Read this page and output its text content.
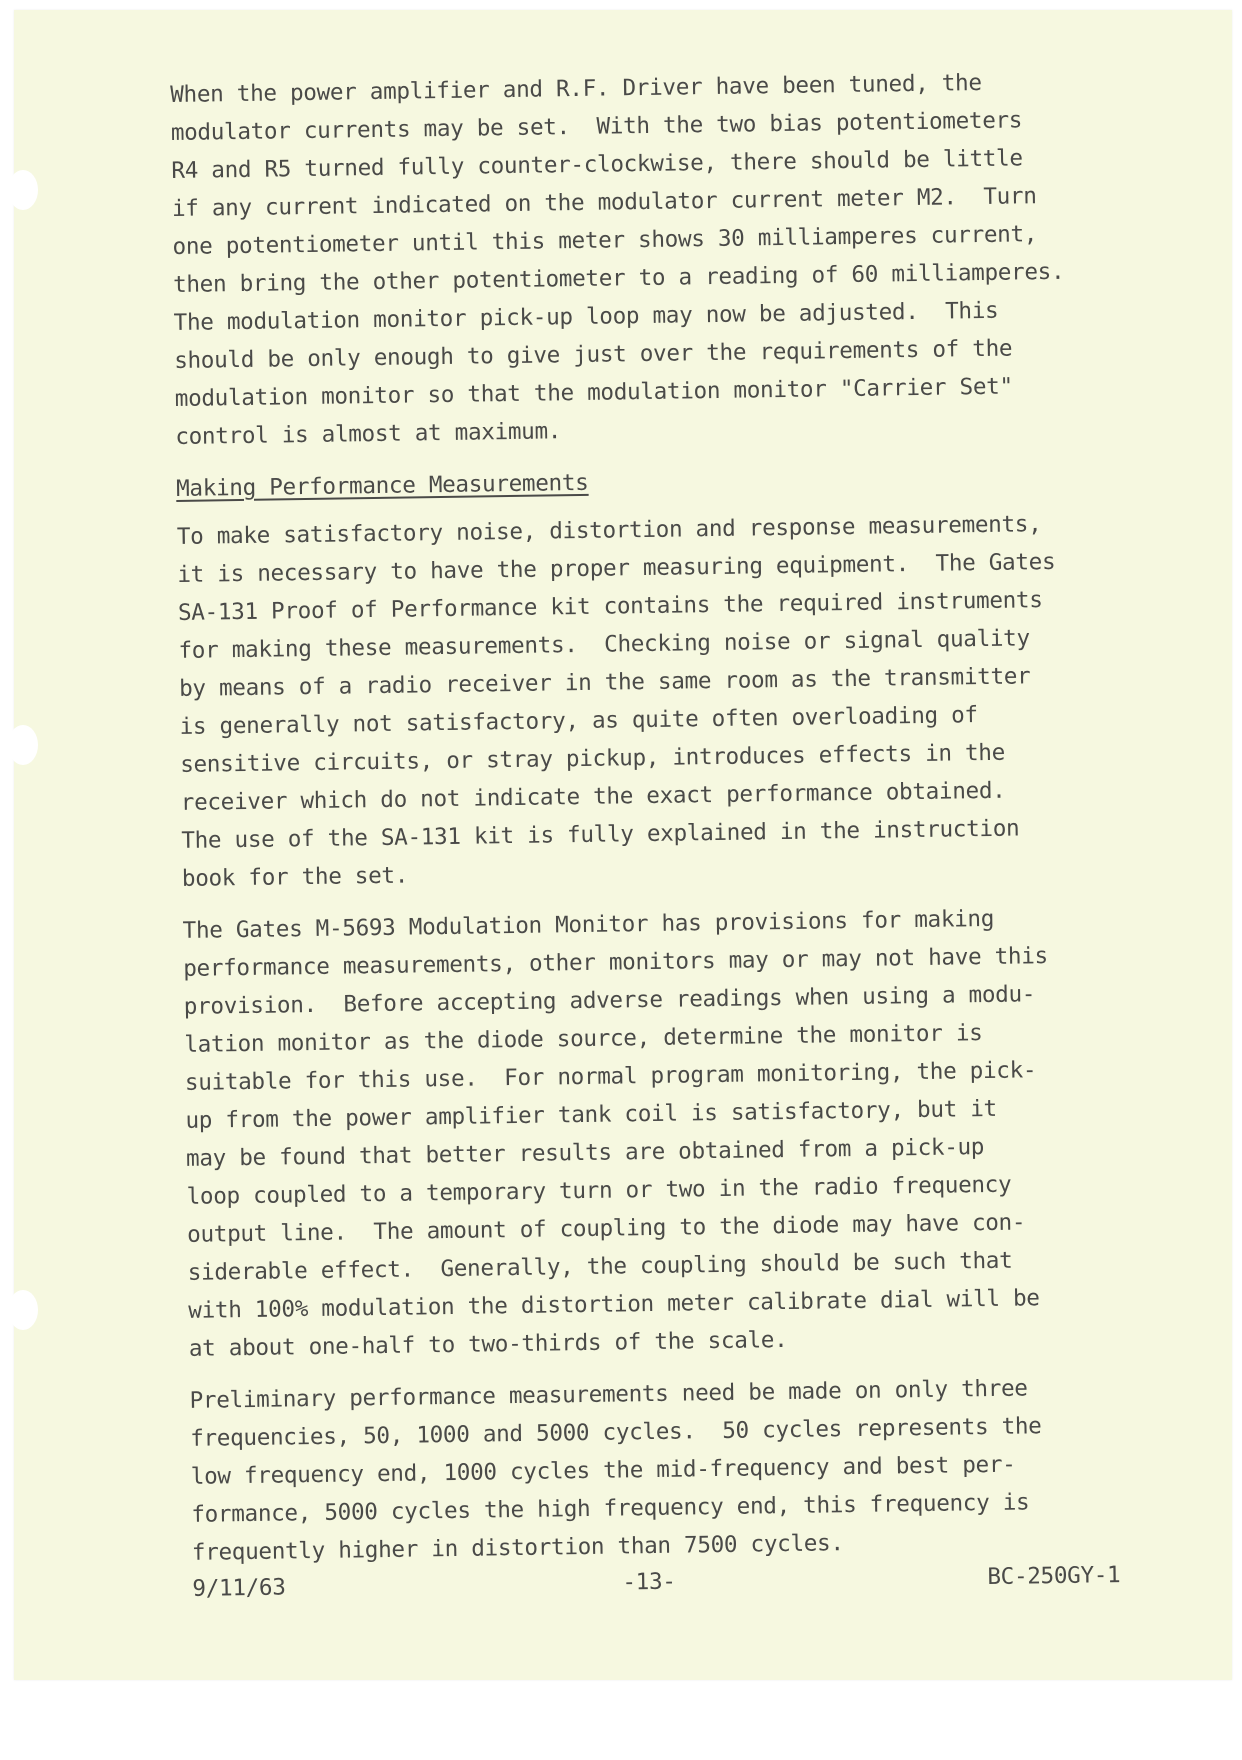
When the power amplifier and R.F. Driver have been tuned, the
modulator currents may be set.  With the two bias potentiometers
R4 and R5 turned fully counter-clockwise, there should be little
if any current indicated on the modulator current meter M2.  Turn
one potentiometer until this meter shows 30 milliamperes current,
then bring the other potentiometer to a reading of 60 milliamperes.
The modulation monitor pick-up loop may now be adjusted.  This
should be only enough to give just over the requirements of the
modulation monitor so that the modulation monitor "Carrier Set"
control is almost at maximum.
Making Performance Measurements
To make satisfactory noise, distortion and response measurements,
it is necessary to have the proper measuring equipment.  The Gates
SA-131 Proof of Performance kit contains the required instruments
for making these measurements.  Checking noise or signal quality
by means of a radio receiver in the same room as the transmitter
is generally not satisfactory, as quite often overloading of
sensitive circuits, or stray pickup, introduces effects in the
receiver which do not indicate the exact performance obtained.
The use of the SA-131 kit is fully explained in the instruction
book for the set.
The Gates M-5693 Modulation Monitor has provisions for making
performance measurements, other monitors may or may not have this
provision.  Before accepting adverse readings when using a modu-
lation monitor as the diode source, determine the monitor is
suitable for this use.  For normal program monitoring, the pick-
up from the power amplifier tank coil is satisfactory, but it
may be found that better results are obtained from a pick-up
loop coupled to a temporary turn or two in the radio frequency
output line.  The amount of coupling to the diode may have con-
siderable effect.  Generally, the coupling should be such that
with 100% modulation the distortion meter calibrate dial will be
at about one-half to two-thirds of the scale.
Preliminary performance measurements need be made on only three
frequencies, 50, 1000 and 5000 cycles.  50 cycles represents the
low frequency end, 1000 cycles the mid-frequency and best per-
formance, 5000 cycles the high frequency end, this frequency is
frequently higher in distortion than 7500 cycles.

9/11/63

	-13-

	BC-250GY-1
